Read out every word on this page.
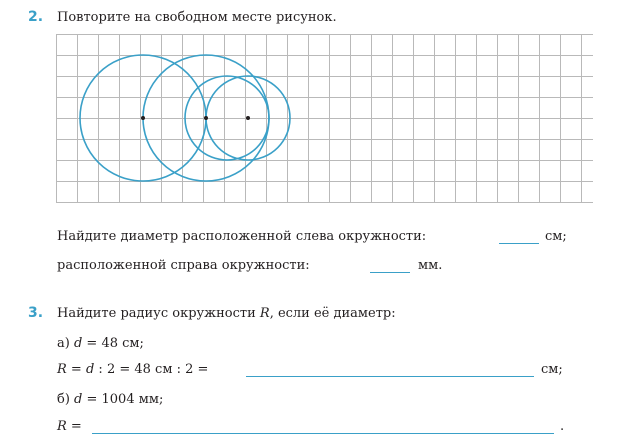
2. Повторите на свободном месте рисунок.
Найдите диаметр расположенной слева окружности:	см;
расположенной справа окружности:	мм.
3. Найдите радиус окружности R, если её диаметр:
а) d = 48 см;
R = d : 2 = 48 см : 2 =	см;
б) d = 1004 мм;
R =	.
